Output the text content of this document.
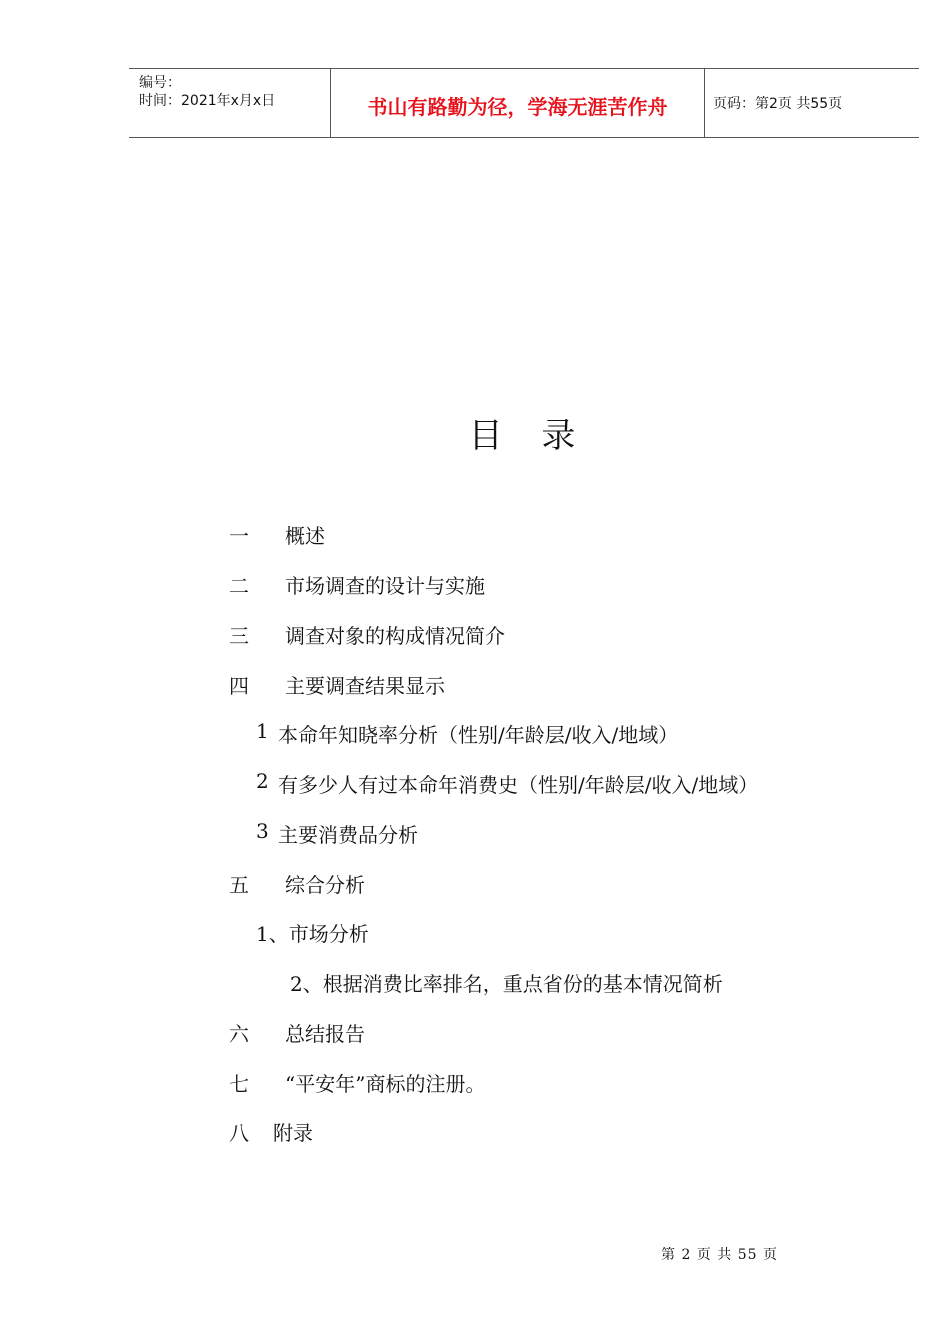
编号：
时间：2021年x月x日	书山有路勤为径，学海无涯苦作舟	页码：第2页 共55页
目 录
一 概述
二 市场调查的设计与实施
三 调查对象的构成情况简介
四 主要调查结果显示
1 本命年知晓率分析（性别/年龄层/收入/地域）
2 有多少人有过本命年消费史（性别/年龄层/收入/地域）
3 主要消费品分析
五 综合分析
1、市场分析
2、根据消费比率排名，重点省份的基本情况简析
六 总结报告
七 “平安年”商标的注册。
八 附录
第 2 页 共 55 页
